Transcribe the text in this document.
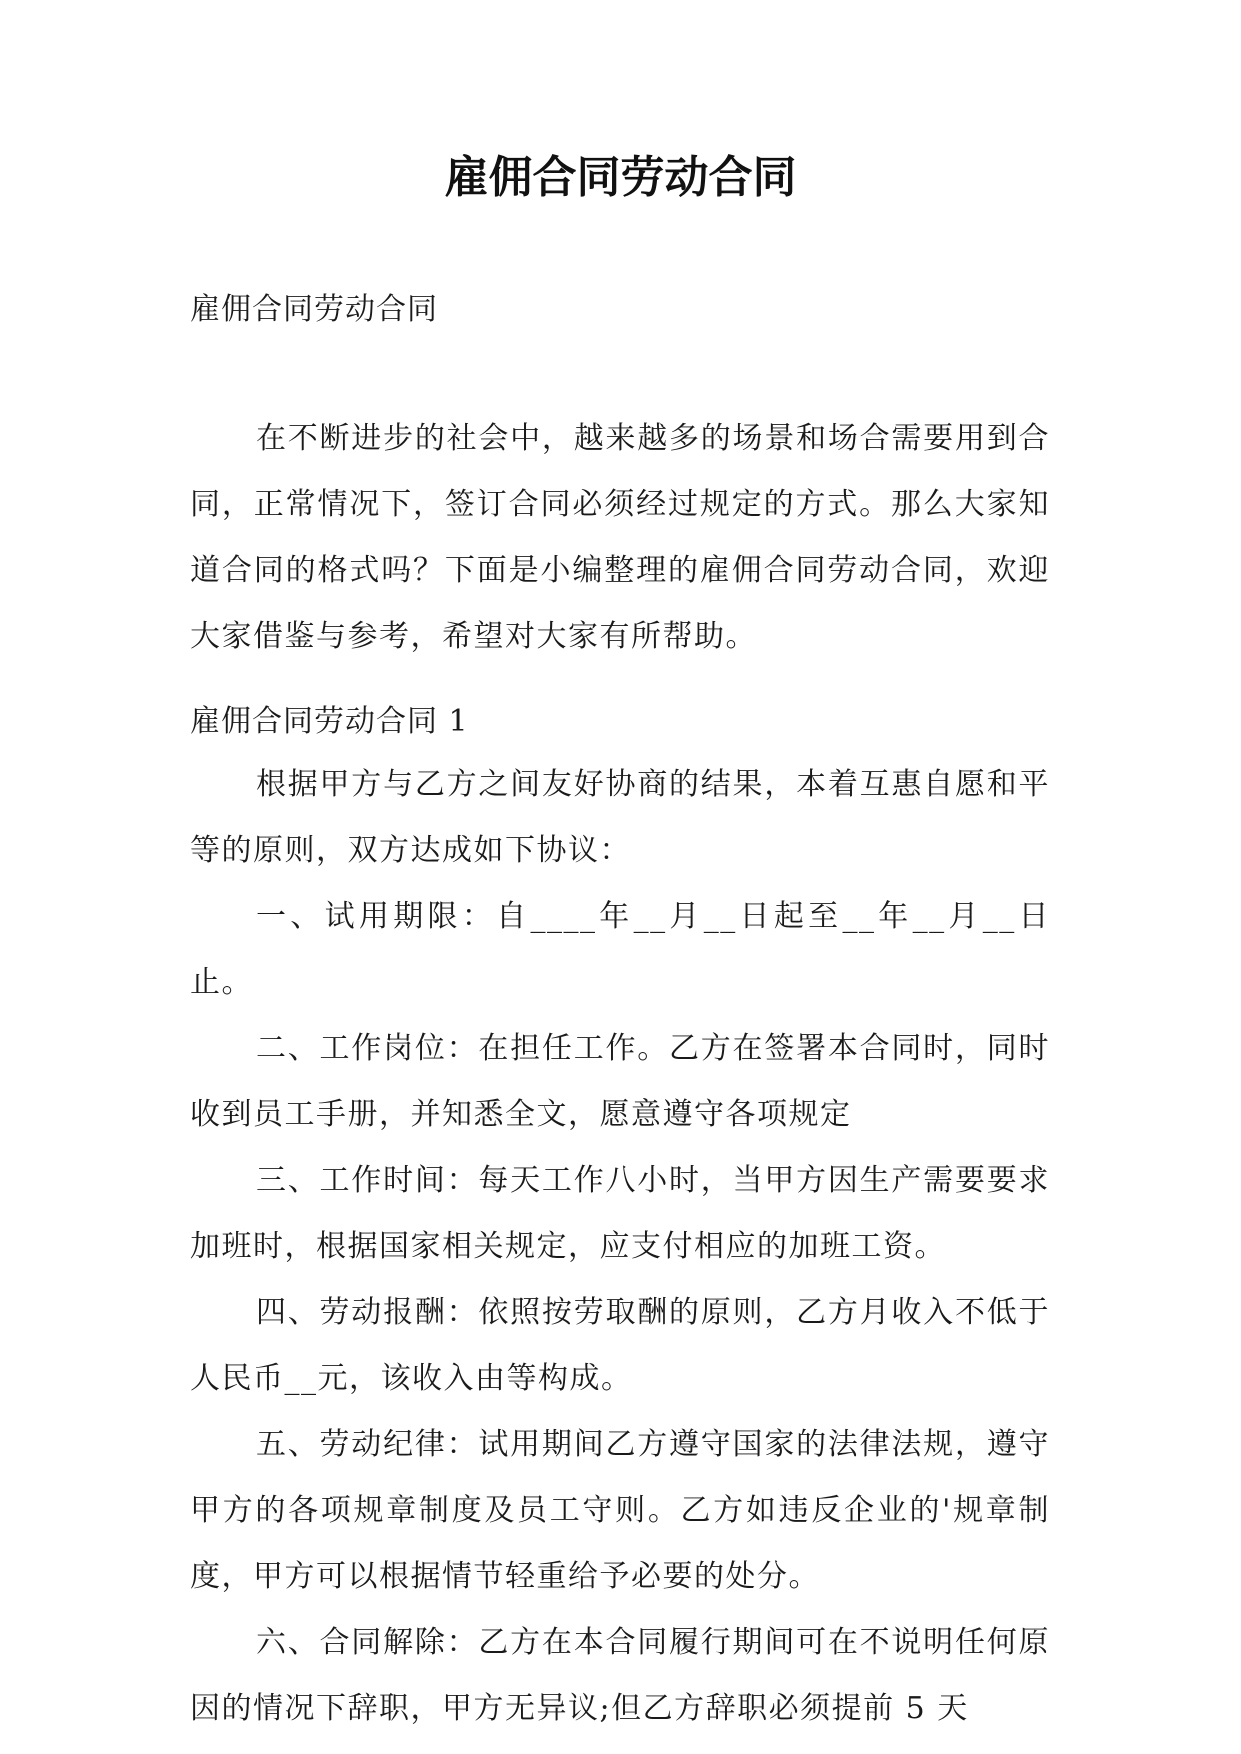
雇佣合同劳动合同
雇佣合同劳动合同

在不断进步的社会中，越来越多的场景和场合需要用到合同，正常情况下，签订合同必须经过规定的方式。那么大家知道合同的格式吗？下面是小编整理的雇佣合同劳动合同，欢迎大家借鉴与参考，希望对大家有所帮助。

雇佣合同劳动合同 1

根据甲方与乙方之间友好协商的结果，本着互惠自愿和平等的原则，双方达成如下协议：

一、试用期限：自____年__月__日起至__年__月__日止。

二、工作岗位：在担任工作。乙方在签署本合同时，同时收到员工手册，并知悉全文，愿意遵守各项规定

三、工作时间：每天工作八小时，当甲方因生产需要要求加班时，根据国家相关规定，应支付相应的加班工资。

四、劳动报酬：依照按劳取酬的原则，乙方月收入不低于人民币__元，该收入由等构成。

五、劳动纪律：试用期间乙方遵守国家的法律法规，遵守甲方的各项规章制度及员工守则。乙方如违反企业的'规章制度，甲方可以根据情节轻重给予必要的处分。

六、合同解除：乙方在本合同履行期间可在不说明任何原因的情况下辞职，甲方无异议;但乙方辞职必须提前 5 天
